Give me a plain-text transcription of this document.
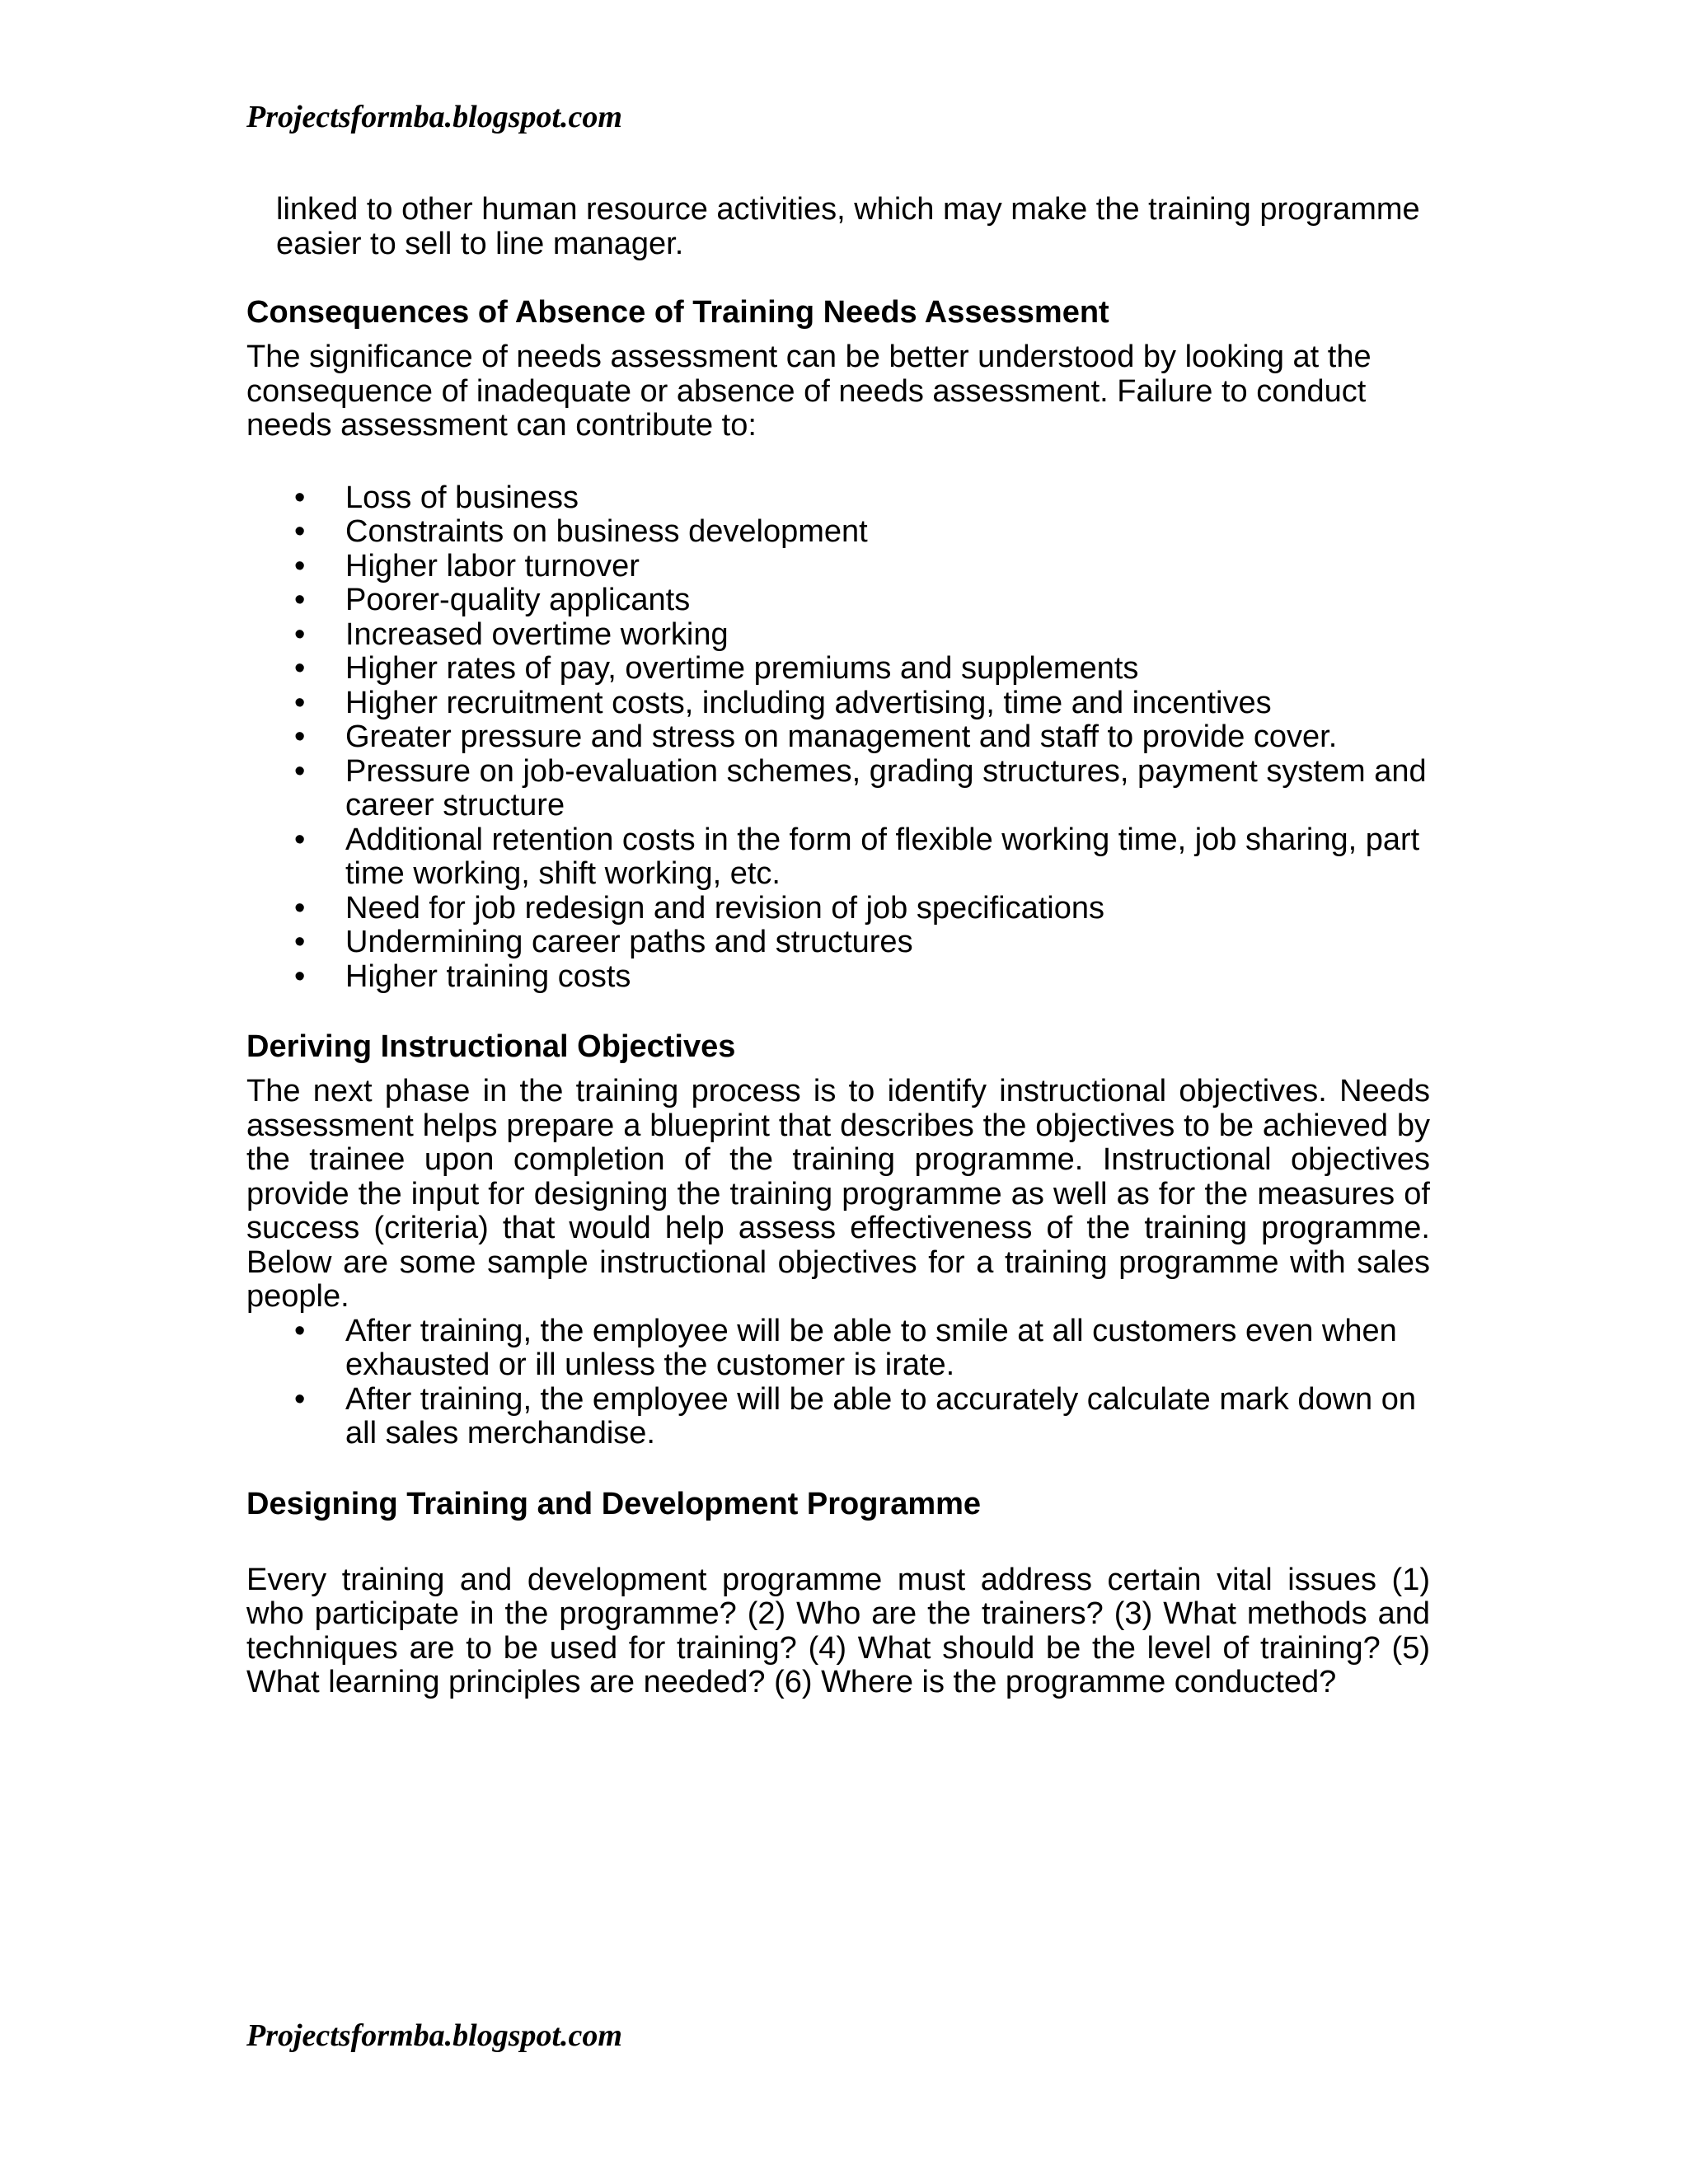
Projectsformba.blogspot.com

linked to other human resource activities, which may make the training programme easier to sell to line manager.

Consequences of Absence of Training Needs Assessment

The significance of needs assessment can be better understood by looking at the consequence of inadequate or absence of needs assessment. Failure to conduct needs assessment can contribute to:

• Loss of business
• Constraints on business development
• Higher labor turnover
• Poorer-quality applicants
• Increased overtime working
• Higher rates of pay, overtime premiums and supplements
• Higher recruitment costs, including advertising, time and incentives
• Greater pressure and stress on management and staff to provide cover.
• Pressure on job-evaluation schemes, grading structures, payment system and career structure
• Additional retention costs in the form of flexible working time, job sharing, part time working, shift working, etc.
• Need for job redesign and revision of job specifications
• Undermining career paths and structures
• Higher training costs
Deriving Instructional Objectives

The next phase in the training process is to identify instructional objectives. Needs assessment helps prepare a blueprint that describes the objectives to be achieved by the trainee upon completion of the training programme. Instructional objectives provide the input for designing the training programme as well as for the measures of success (criteria) that would help assess effectiveness of the training programme. Below are some sample instructional objectives for a training programme with sales people.

• After training, the employee will be able to smile at all customers even when exhausted or ill unless the customer is irate.
• After training, the employee will be able to accurately calculate mark down on all sales merchandise.
Designing Training and Development Programme

Every training and development programme must address certain vital issues (1) who participate in the programme? (2) Who are the trainers? (3) What methods and techniques are to be used for training? (4) What should be the level of training? (5) What learning principles are needed? (6) Where is the programme conducted?

Projectsformba.blogspot.com
